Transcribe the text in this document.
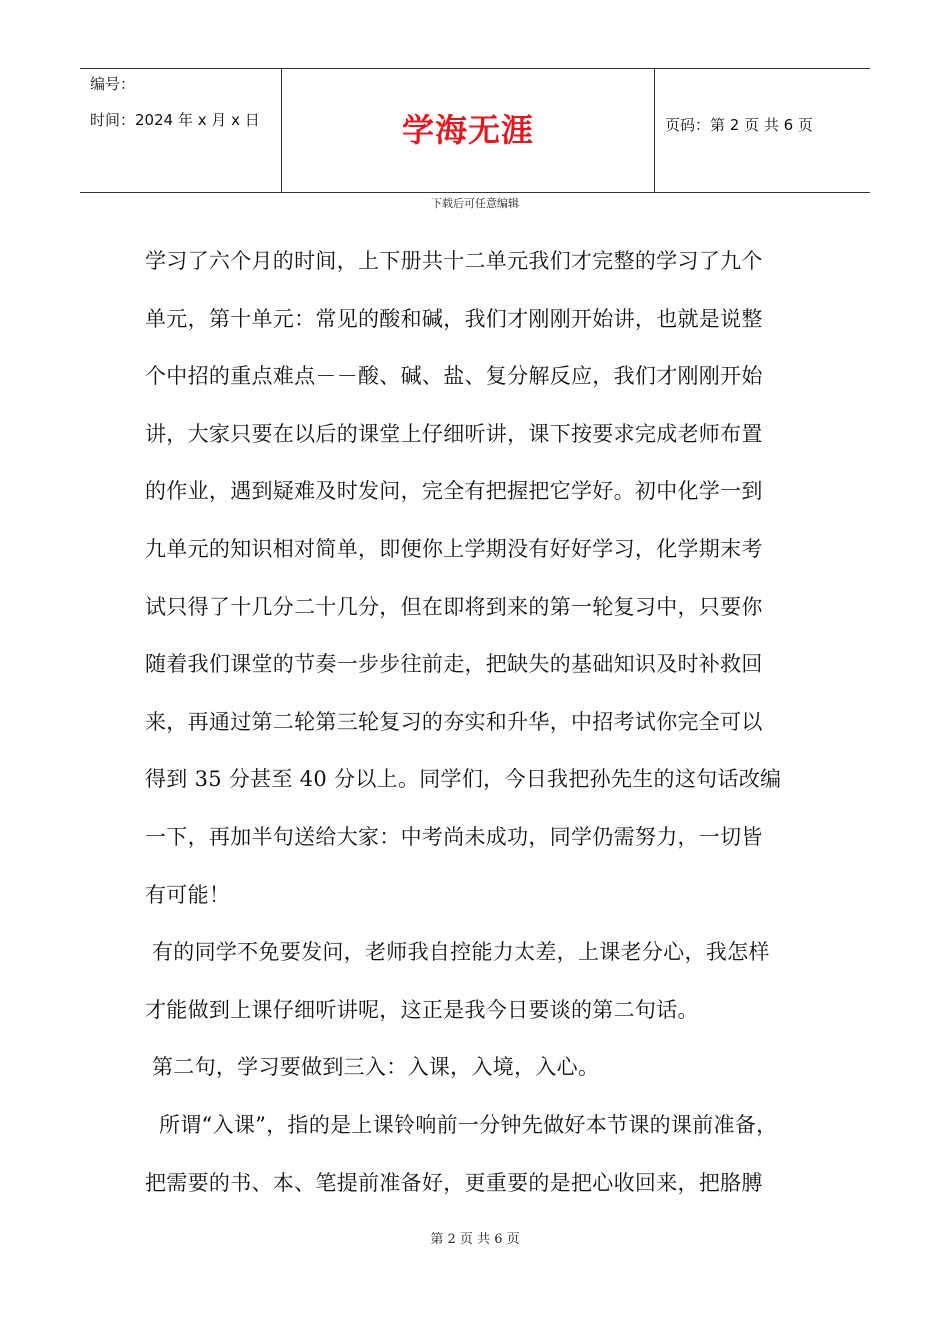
编号：
时间：2024 年 x 月 x 日	学海无涯	页码：第 2 页 共 6 页
下载后可任意编辑
学习了六个月的时间，上下册共十二单元我们才完整的学习了九个
单元，第十单元：常见的酸和碱，我们才刚刚开始讲，也就是说整
个中招的重点难点－－酸、碱、盐、复分解反应，我们才刚刚开始
讲，大家只要在以后的课堂上仔细听讲，课下按要求完成老师布置
的作业，遇到疑难及时发问，完全有把握把它学好。初中化学一到
九单元的知识相对简单，即便你上学期没有好好学习，化学期末考
试只得了十几分二十几分，但在即将到来的第一轮复习中，只要你
随着我们课堂的节奏一步步往前走，把缺失的基础知识及时补救回
来，再通过第二轮第三轮复习的夯实和升华，中招考试你完全可以
得到 35 分甚至 40 分以上。同学们，今日我把孙先生的这句话改编
一下，再加半句送给大家：中考尚未成功，同学仍需努力，一切皆
有可能！
有的同学不免要发问，老师我自控能力太差，上课老分心，我怎样
才能做到上课仔细听讲呢，这正是我今日要谈的第二句话。
第二句，学习要做到三入：入课，入境，入心。
所谓“入课”，指的是上课铃响前一分钟先做好本节课的课前准备，
把需要的书、本、笔提前准备好，更重要的是把心收回来，把胳膊
第 2 页 共 6 页
